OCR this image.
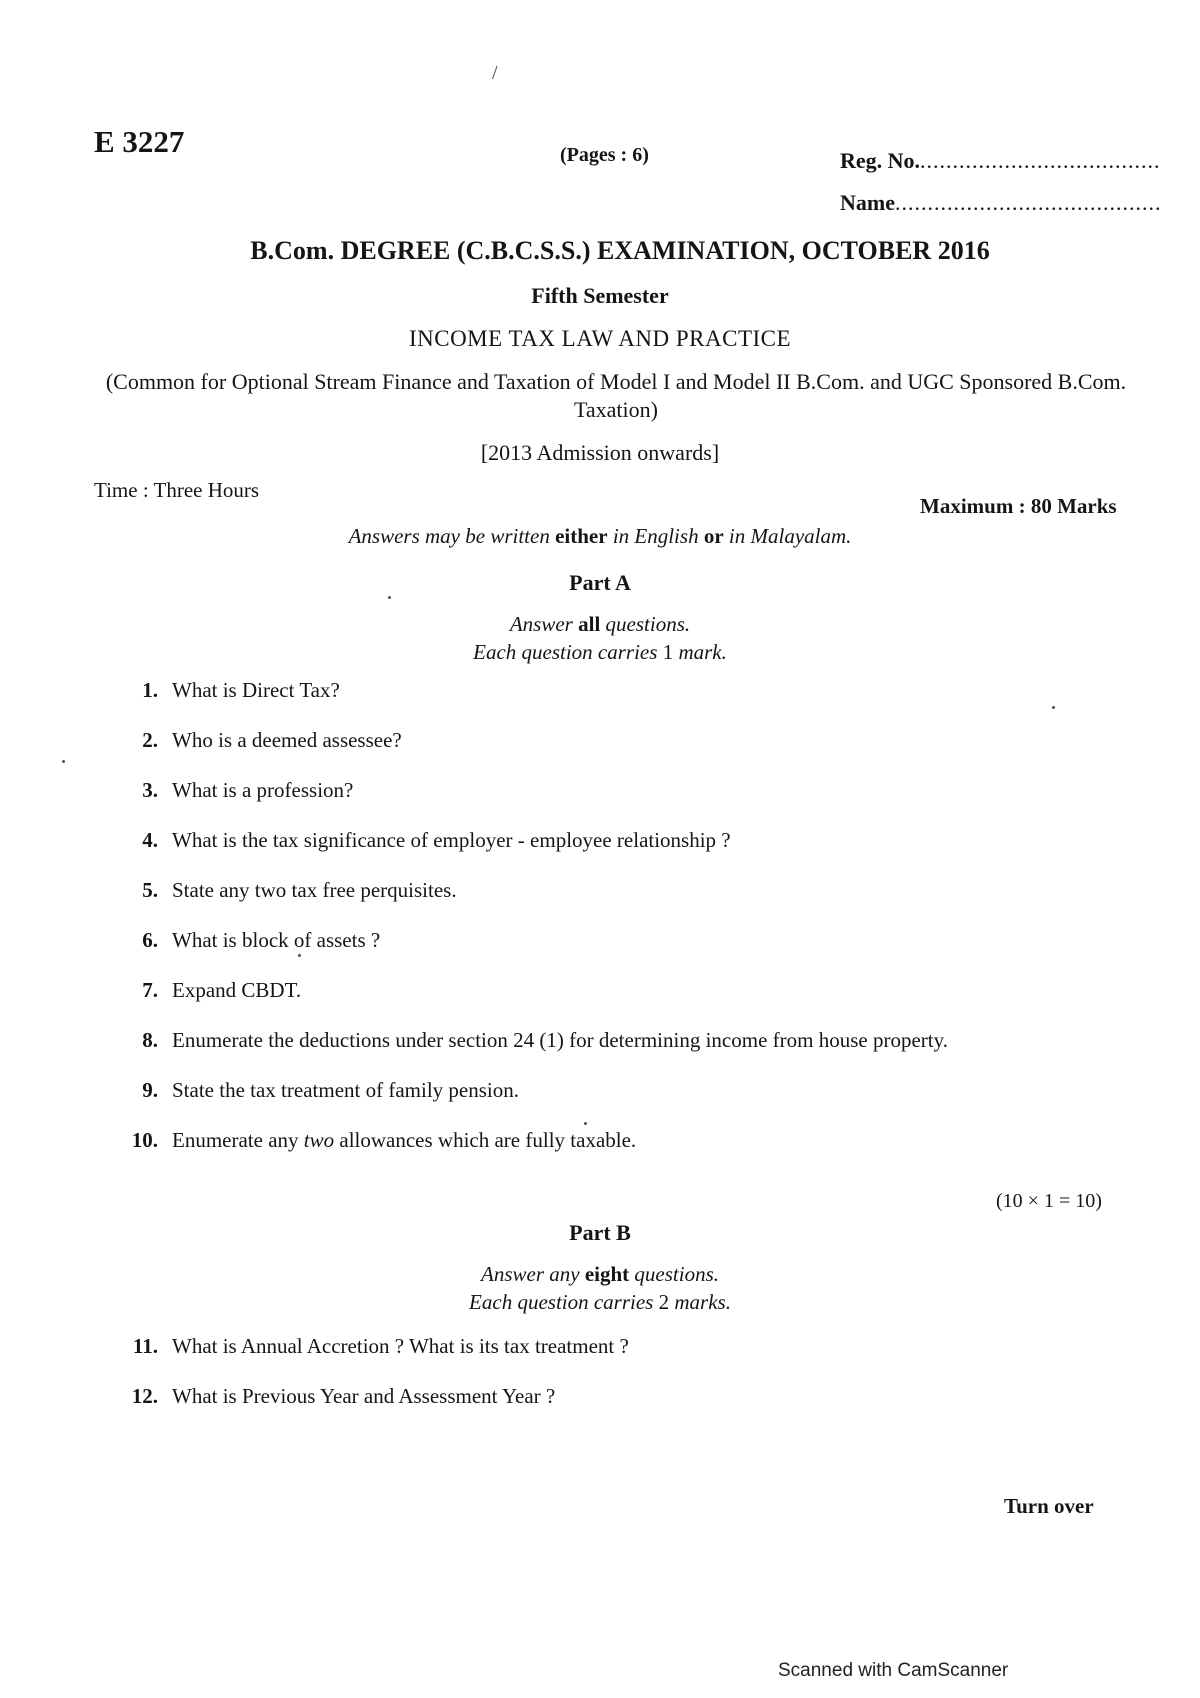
/
E 3227	(Pages : 6)	Reg. No......................................
Name.........................................
B.Com. DEGREE (C.B.C.S.S.) EXAMINATION, OCTOBER 2016
Fifth Semester
INCOME TAX LAW AND PRACTICE
(Common for Optional Stream Finance and Taxation of Model I and Model II B.Com. and UGC Sponsored B.Com. Taxation)
[2013 Admission onwards]
Time : Three Hours
Maximum : 80 Marks
Answers may be written either in English or in Malayalam.
Part A
Answer all questions.
Each question carries 1 mark.
1. What is Direct Tax?
2. Who is a deemed assessee?
3. What is a profession?
4. What is the tax significance of employer - employee relationship ?
5. State any two tax free perquisites.
6. What is block of assets ?
7. Expand CBDT.
8. Enumerate the deductions under section 24 (1) for determining income from house property.
9. State the tax treatment of family pension.
10. Enumerate any two allowances which are fully taxable.
(10 × 1 = 10)
Part B
Answer any eight questions.
Each question carries 2 marks.
11. What is Annual Accretion ? What is its tax treatment ?
12. What is Previous Year and Assessment Year ?
Turn over
Scanned with CamScanner
